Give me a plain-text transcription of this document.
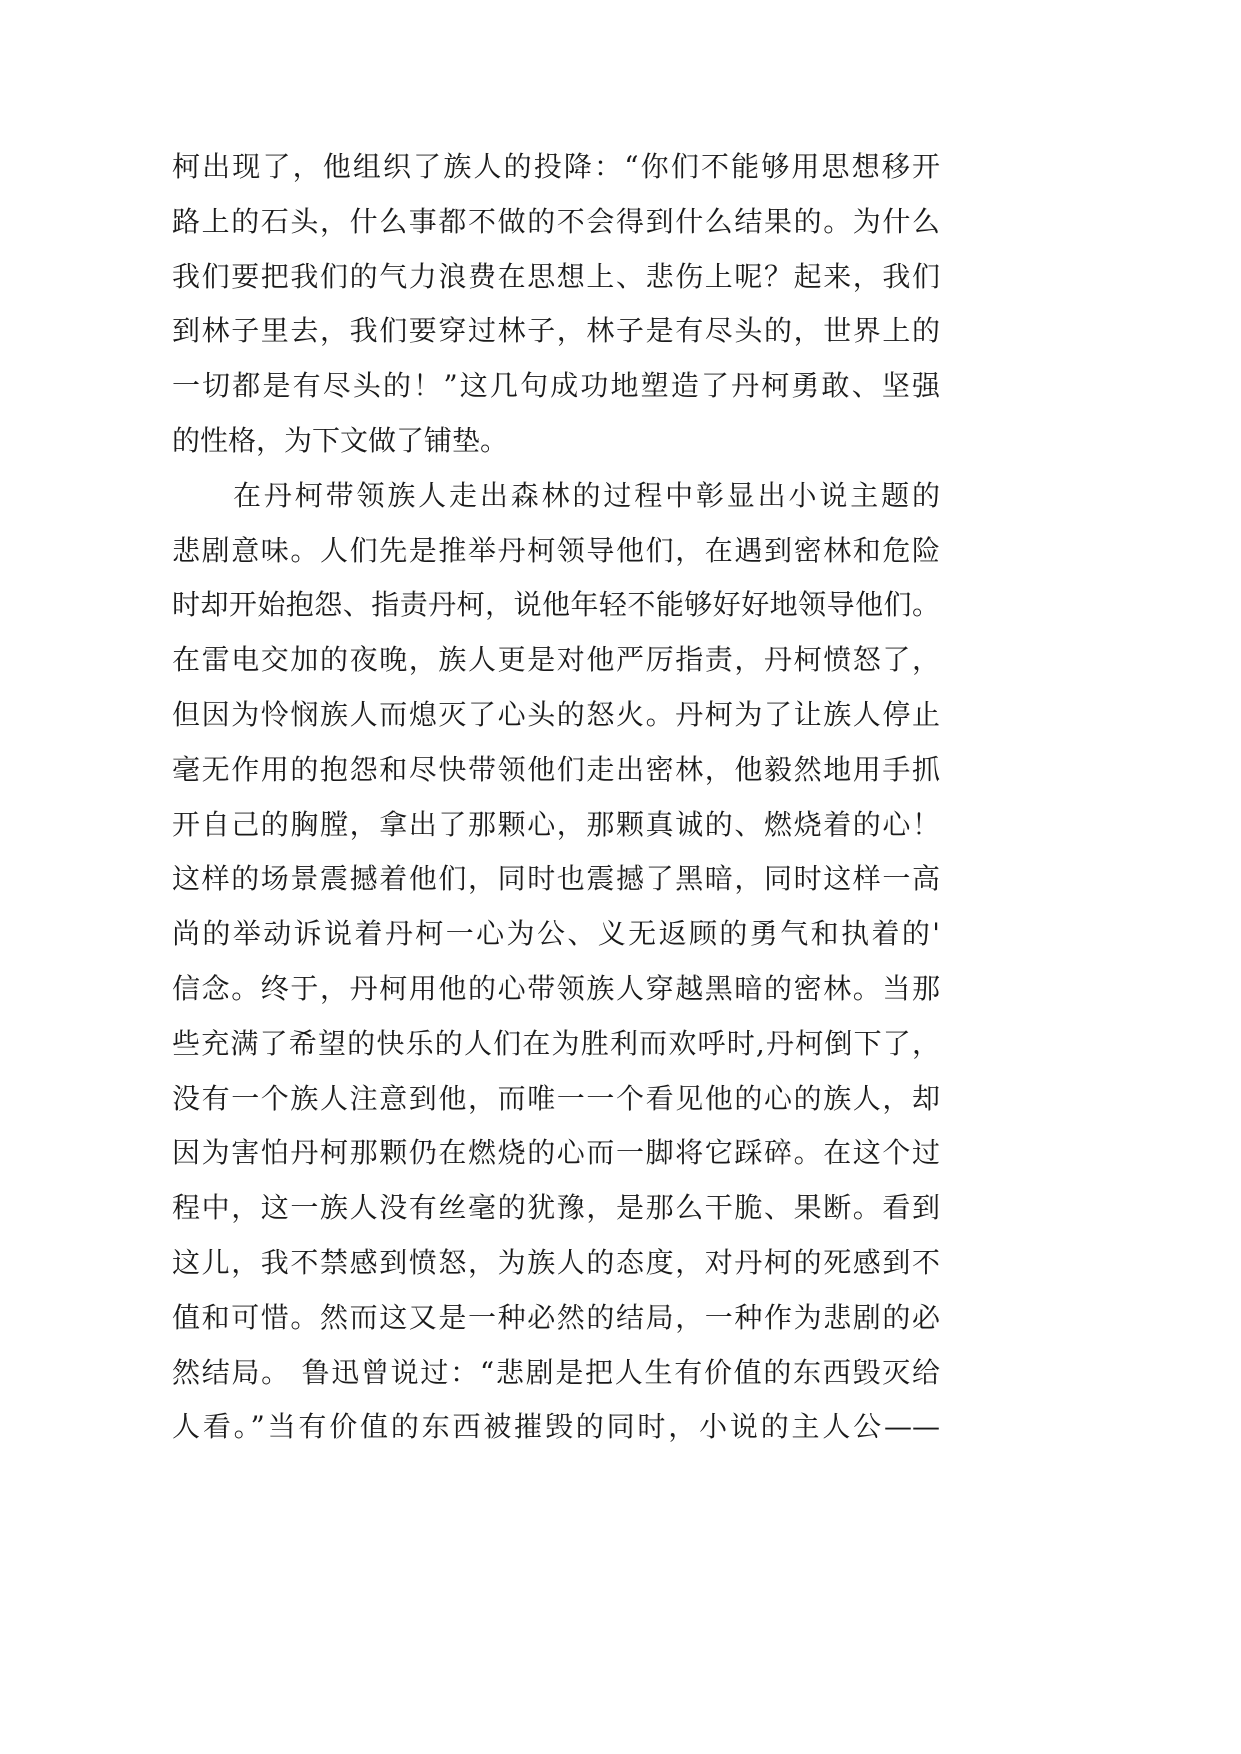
柯出现了，他组织了族人的投降：“你们不能够用思想移开
路上的石头，什么事都不做的不会得到什么结果的。为什么
我们要把我们的气力浪费在思想上、悲伤上呢？起来，我们
到林子里去，我们要穿过林子，林子是有尽头的，世界上的
一切都是有尽头的！”这几句成功地塑造了丹柯勇敢、坚强
的性格，为下文做了铺垫。
在丹柯带领族人走出森林的过程中彰显出小说主题的
悲剧意味。人们先是推举丹柯领导他们，在遇到密林和危险
时却开始抱怨、指责丹柯，说他年轻不能够好好地领导他们。
在雷电交加的夜晚，族人更是对他严厉指责，丹柯愤怒了，
但因为怜悯族人而熄灭了心头的怒火。丹柯为了让族人停止
毫无作用的抱怨和尽快带领他们走出密林，他毅然地用手抓
开自己的胸膛，拿出了那颗心，那颗真诚的、燃烧着的心！
这样的场景震撼着他们，同时也震撼了黑暗，同时这样一高
尚的举动诉说着丹柯一心为公、义无返顾的勇气和执着的'
信念。终于，丹柯用他的心带领族人穿越黑暗的密林。当那
些充满了希望的快乐的人们在为胜利而欢呼时,丹柯倒下了，
没有一个族人注意到他，而唯一一个看见他的心的族人，却
因为害怕丹柯那颗仍在燃烧的心而一脚将它踩碎。在这个过
程中，这一族人没有丝毫的犹豫，是那么干脆、果断。看到
这儿，我不禁感到愤怒，为族人的态度，对丹柯的死感到不
值和可惜。然而这又是一种必然的结局，一种作为悲剧的必
然结局。 鲁迅曾说过：“悲剧是把人生有价值的东西毁灭给
人看。”当有价值的东西被摧毁的同时，小说的主人公——
